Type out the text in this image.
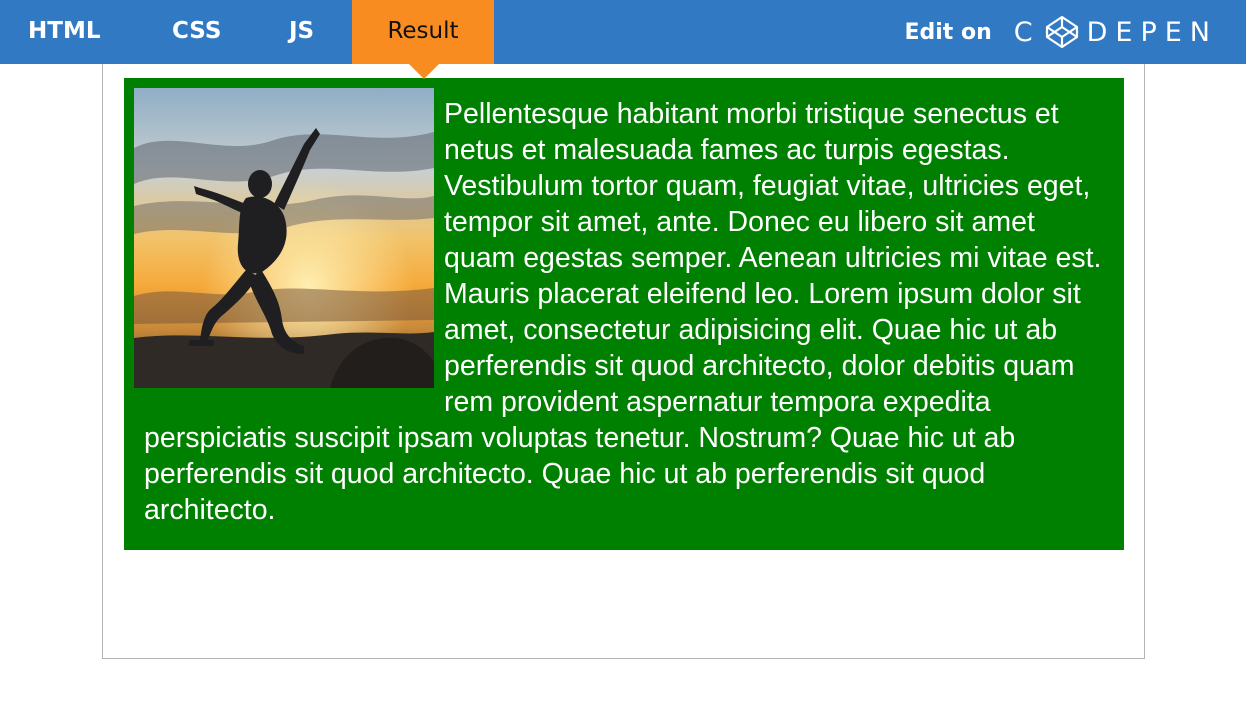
HTML	CSS	JS	Result	Edit on C DEPEN

Pellentesque habitant morbi tristique senectus et netus et malesuada fames ac turpis egestas. Vestibulum tortor quam, feugiat vitae, ultricies eget, tempor sit amet, ante. Donec eu libero sit amet quam egestas semper. Aenean ultricies mi vitae est. Mauris placerat eleifend leo. Lorem ipsum dolor sit amet, consectetur adipisicing elit. Quae hic ut ab perferendis sit quod architecto, dolor debitis quam rem provident aspernatur tempora expedita perspiciatis suscipit ipsam voluptas tenetur. Nostrum? Quae hic ut ab perferendis sit quod architecto. Quae hic ut ab perferendis sit quod architecto.
